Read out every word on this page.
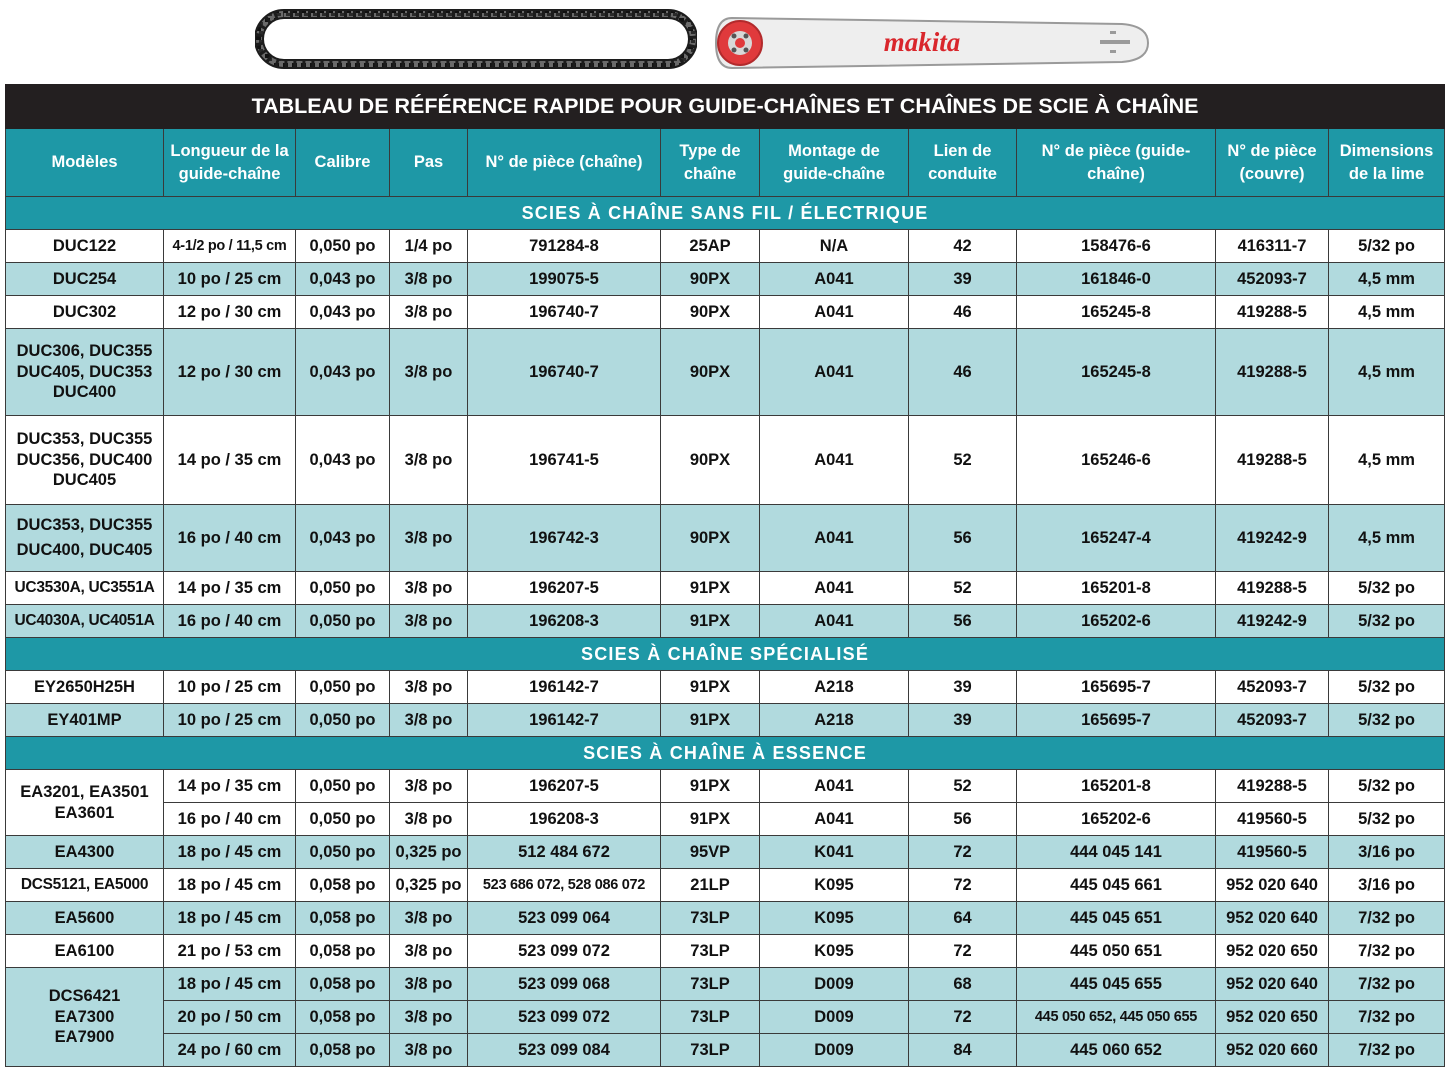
makita
TABLEAU DE RÉFÉRENCE RAPIDE POUR GUIDE-CHAÎNES ET CHAÎNES DE SCIE À CHAÎNE										
Modèles	Longueur de la guide-chaîne	Calibre	Pas	N° de pièce (chaîne)	Type de chaîne	Montage de guide-chaîne	Lien de conduite	N° de pièce (guide-chaîne)	N° de pièce (couvre)	Dimensions de la lime
SCIES À CHAÎNE SANS FIL / ÉLECTRIQUE										
DUC122	4-1/2 po / 11,5 cm	0,050 po	1/4 po	791284-8	25AP	N/A	42	158476-6	416311-7	5/32 po
DUC254	10 po / 25 cm	0,043 po	3/8 po	199075-5	90PX	A041	39	161846-0	452093-7	4,5 mm
DUC302	12 po / 30 cm	0,043 po	3/8 po	196740-7	90PX	A041	46	165245-8	419288-5	4,5 mm

DUC306, DUC355
DUC405, DUC353
DUC400	12 po / 30 cm	0,043 po	3/8 po	196740-7	90PX	A041	46	165245-8	419288-5	4,5 mm

DUC353, DUC355
DUC356, DUC400
DUC405	14 po / 35 cm	0,043 po	3/8 po	196741-5	90PX	A041	52	165246-6	419288-5	4,5 mm

DUC353, DUC355
DUC400, DUC405	16 po / 40 cm	0,043 po	3/8 po	196742-3	90PX	A041	56	165247-4	419242-9	4,5 mm
UC3530A, UC3551A	14 po / 35 cm	0,050 po	3/8 po	196207-5	91PX	A041	52	165201-8	419288-5	5/32 po
UC4030A, UC4051A	16 po / 40 cm	0,050 po	3/8 po	196208-3	91PX	A041	56	165202-6	419242-9	5/32 po
SCIES À CHAÎNE SPÉCIALISÉ										
EY2650H25H	10 po / 25 cm	0,050 po	3/8 po	196142-7	91PX	A218	39	165695-7	452093-7	5/32 po
EY401MP	10 po / 25 cm	0,050 po	3/8 po	196142-7	91PX	A218	39	165695-7	452093-7	5/32 po
SCIES À CHAÎNE À ESSENCE										

EA3201, EA3501
EA3601	14 po / 35 cm	0,050 po	3/8 po	196207-5	91PX	A041	52	165201-8	419288-5	5/32 po
	16 po / 40 cm	0,050 po	3/8 po	196208-3	91PX	A041	56	165202-6	419560-5	5/32 po
EA4300	18 po / 45 cm	0,050 po	0,325 po	512 484 672	95VP	K041	72	444 045 141	419560-5	3/16 po
DCS5121, EA5000	18 po / 45 cm	0,058 po	0,325 po	523 686 072, 528 086 072	21LP	K095	72	445 045 661	952 020 640	3/16 po
EA5600	18 po / 45 cm	0,058 po	3/8 po	523 099 064	73LP	K095	64	445 045 651	952 020 640	7/32 po
EA6100	21 po / 53 cm	0,058 po	3/8 po	523 099 072	73LP	K095	72	445 050 651	952 020 650	7/32 po

DCS6421
EA7300
EA7900	18 po / 45 cm	0,058 po	3/8 po	523 099 068	73LP	D009	68	445 045 655	952 020 640	7/32 po
	20 po / 50 cm	0,058 po	3/8 po	523 099 072	73LP	D009	72	445 050 652, 445 050 655	952 020 650	7/32 po
	24 po / 60 cm	0,058 po	3/8 po	523 099 084	73LP	D009	84	445 060 652	952 020 660	7/32 po
